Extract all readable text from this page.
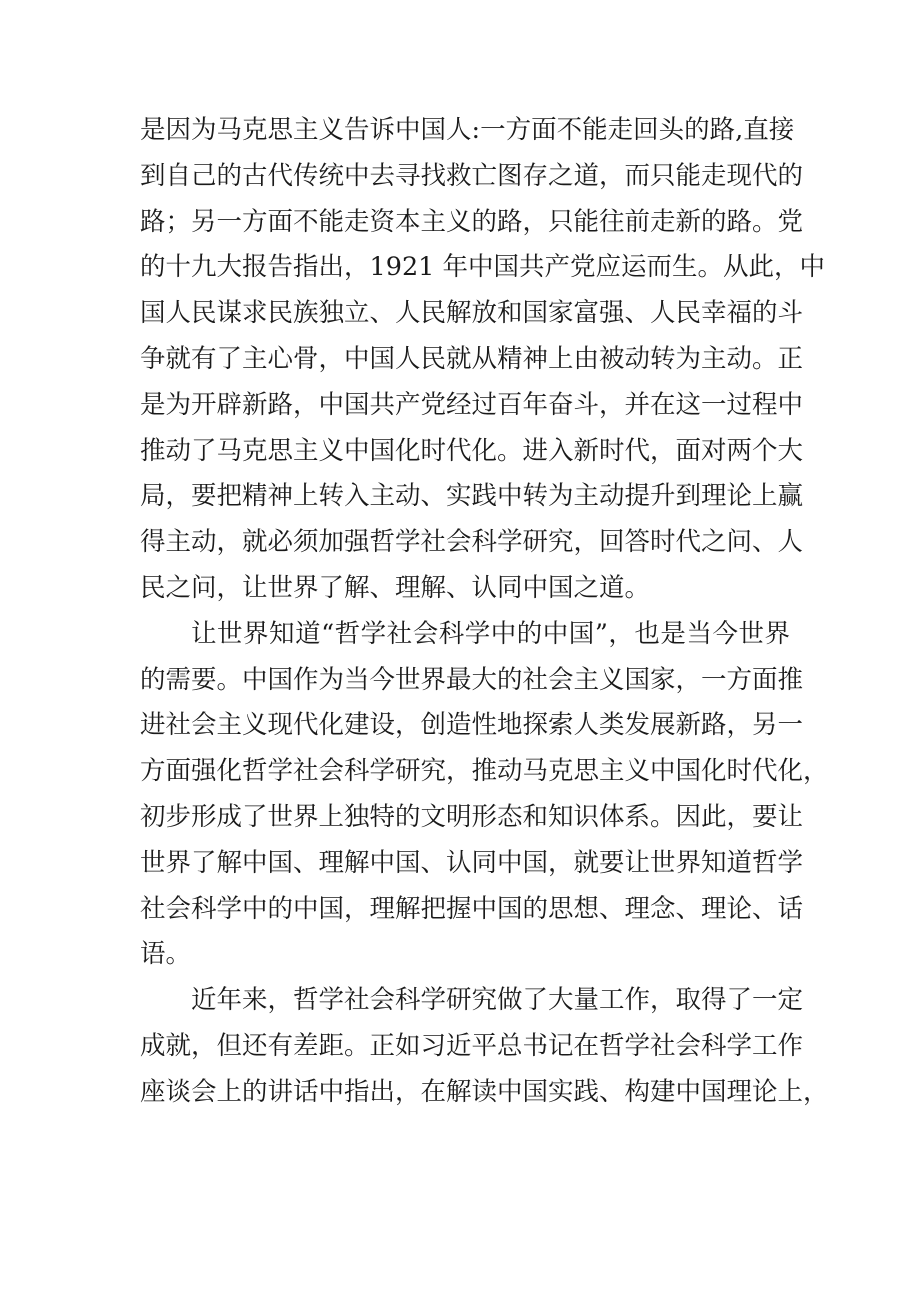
是因为马克思主义告诉中国人:一方面不能走回头的路,直接
到自己的古代传统中去寻找救亡图存之道，而只能走现代的
路；另一方面不能走资本主义的路，只能往前走新的路。党
的十九大报告指出，1921 年中国共产党应运而生。从此，中
国人民谋求民族独立、人民解放和国家富强、人民幸福的斗
争就有了主心骨，中国人民就从精神上由被动转为主动。正
是为开辟新路，中国共产党经过百年奋斗，并在这一过程中
推动了马克思主义中国化时代化。进入新时代，面对两个大
局，要把精神上转入主动、实践中转为主动提升到理论上赢
得主动，就必须加强哲学社会科学研究，回答时代之问、人
民之问，让世界了解、理解、认同中国之道。
让世界知道“哲学社会科学中的中国”，也是当今世界
的需要。中国作为当今世界最大的社会主义国家，一方面推
进社会主义现代化建设，创造性地探索人类发展新路，另一
方面强化哲学社会科学研究，推动马克思主义中国化时代化，
初步形成了世界上独特的文明形态和知识体系。因此，要让
世界了解中国、理解中国、认同中国，就要让世界知道哲学
社会科学中的中国，理解把握中国的思想、理念、理论、话
语。
近年来，哲学社会科学研究做了大量工作，取得了一定
成就，但还有差距。正如习近平总书记在哲学社会科学工作
座谈会上的讲话中指出，在解读中国实践、构建中国理论上，
